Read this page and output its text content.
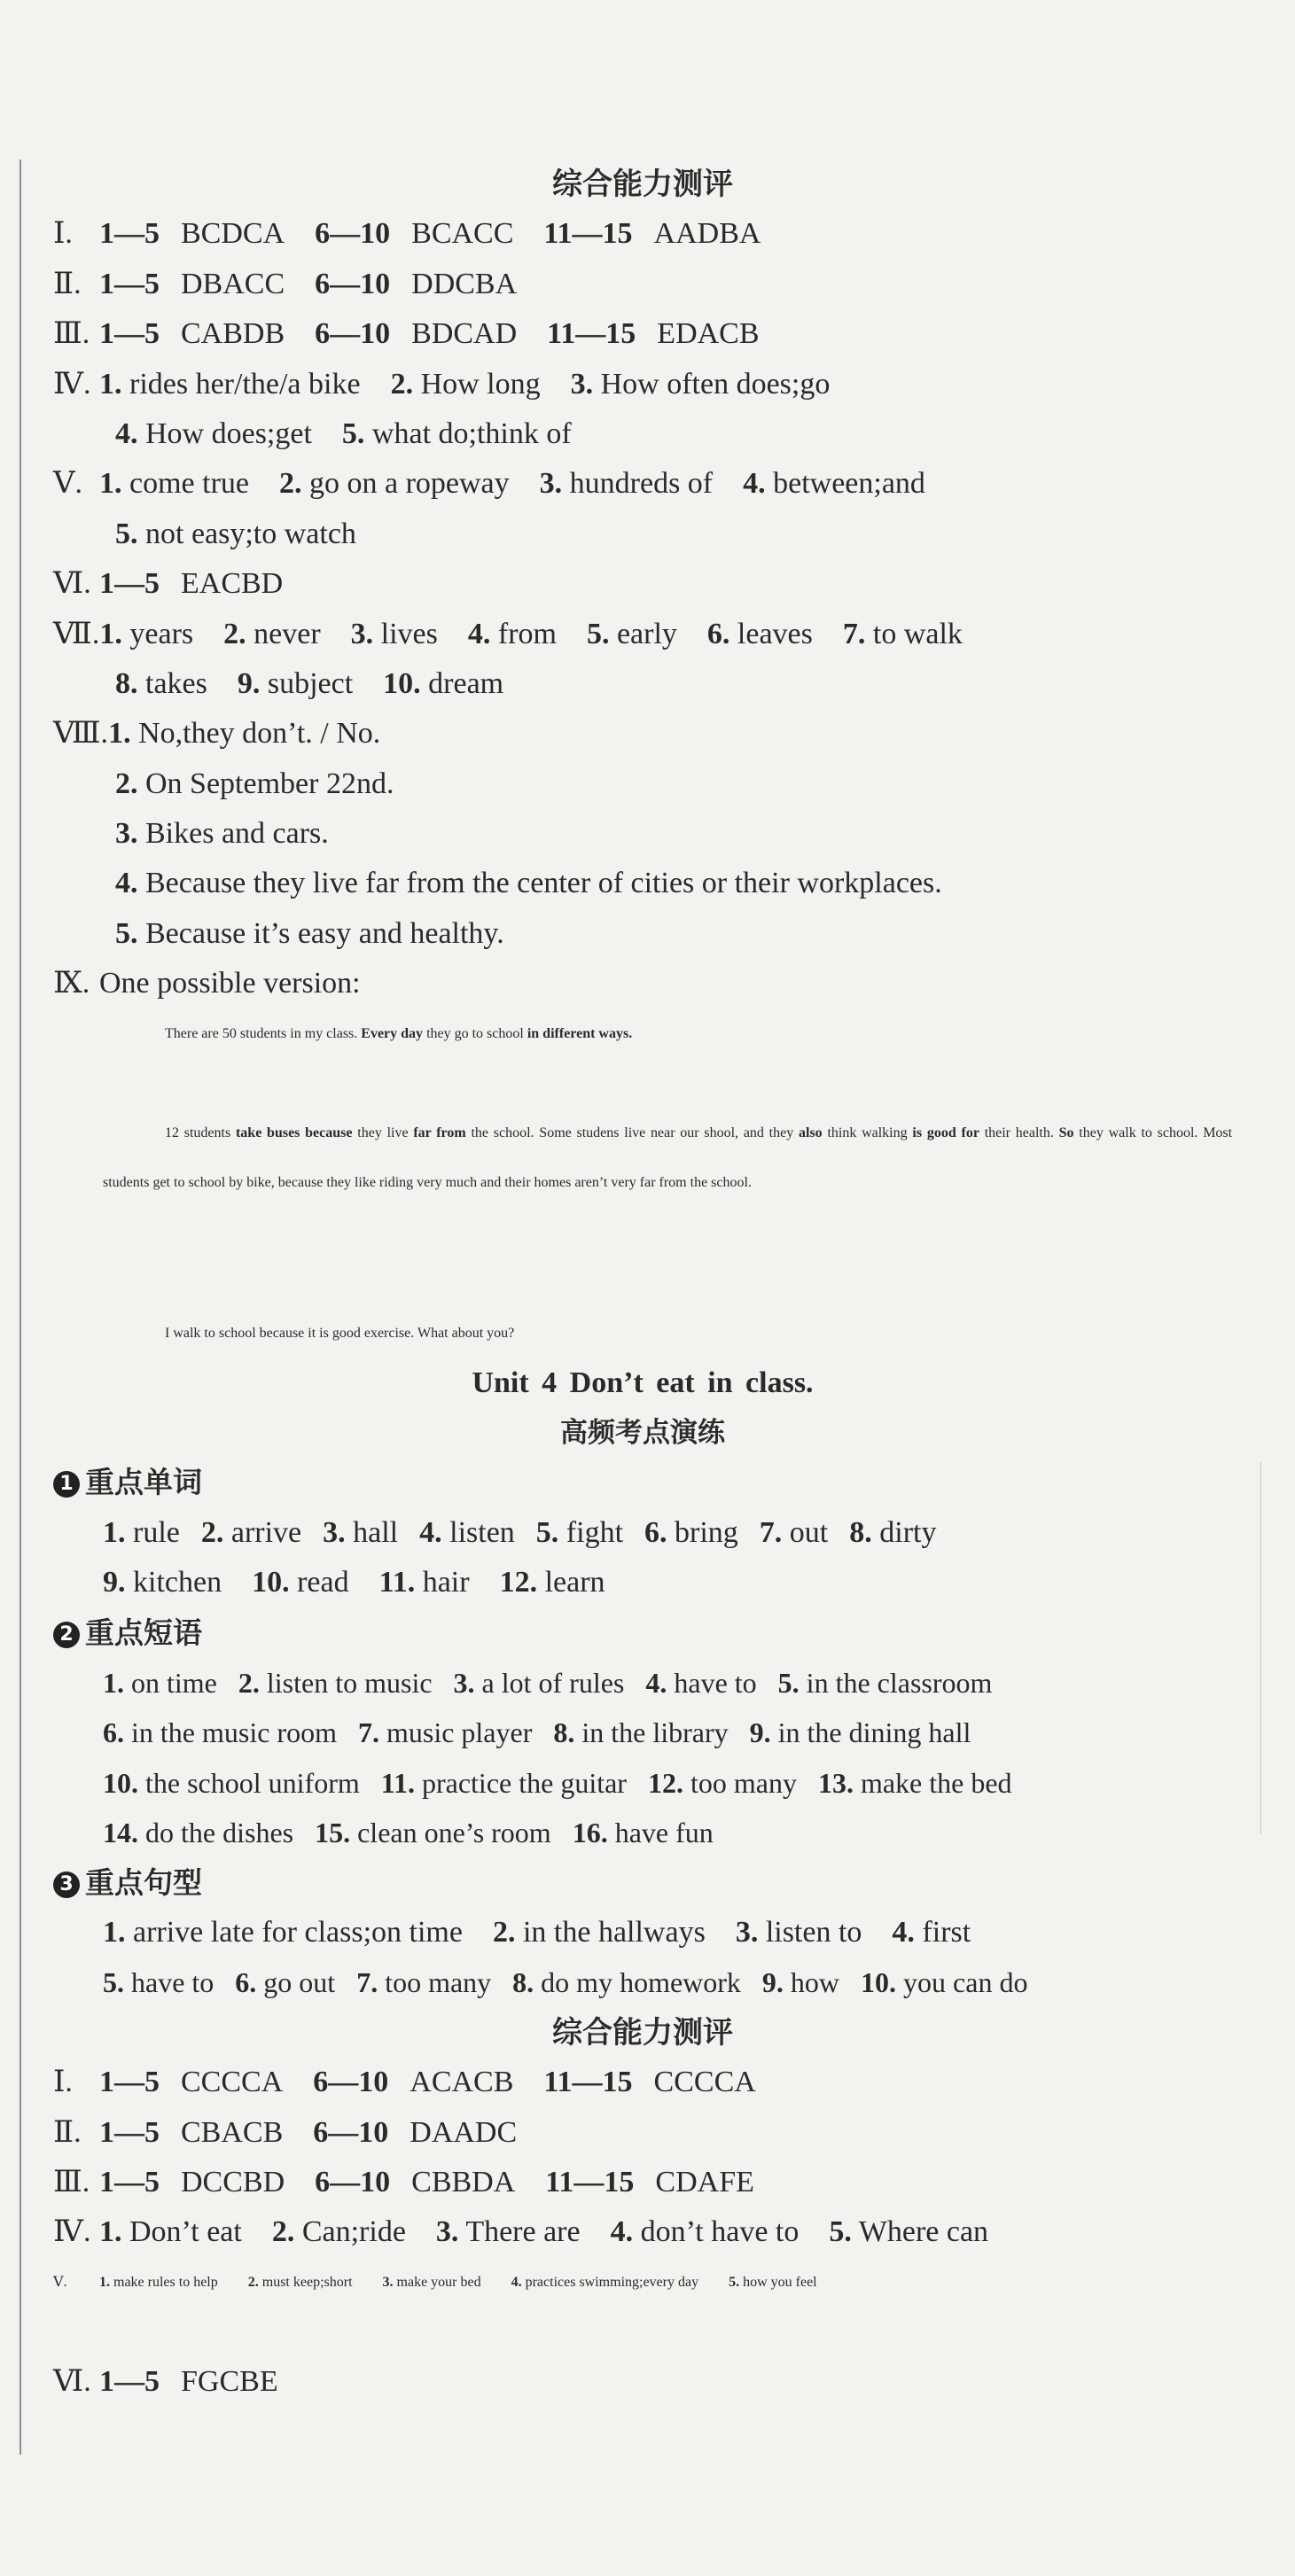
综合能力测评
Ⅰ. 1—5 BCDCA 6—10 BCACC 11—15 AADBA
Ⅱ. 1—5 DBACC 6—10 DDCBA
Ⅲ. 1—5 CABDB 6—10 BDCAD 11—15 EDACB
Ⅳ. 1. rides her/the/a bike 2. How long 3. How often does;go
4. How does;get 5. what do;think of
Ⅴ. 1. come true 2. go on a ropeway 3. hundreds of 4. between;and
5. not easy;to watch
Ⅵ. 1—5 EACBD
Ⅶ.1. years 2. never 3. lives 4. from 5. early 6. leaves 7. to walk
8. takes 9. subject 10. dream
Ⅷ.1. No,they don’t. / No.
2. On September 22nd.
3. Bikes and cars.
4. Because they live far from the center of cities or their workplaces.
5. Because it’s easy and healthy.
Ⅸ. One possible version:
There are 50 students in my class. Every day they go to school in different ways.
12 students take buses because they live far from the school. Some studens live near our shool, and they also think walking is good for their health. So they walk to school. Most students get to school by bike, because they like riding very much and their homes aren’t very far from the school.
I walk to school because it is good exercise. What about you?
Unit 4 Don’t eat in class.
高频考点演练
1 重点单词
1. rule 2. arrive 3. hall 4. listen 5. fight 6. bring 7. out 8. dirty
9. kitchen 10. read 11. hair 12. learn
2 重点短语
1. on time 2. listen to music 3. a lot of rules 4. have to 5. in the classroom
6. in the music room 7. music player 8. in the library 9. in the dining hall
10. the school uniform 11. practice the guitar 12. too many 13. make the bed
14. do the dishes 15. clean one’s room 16. have fun
3 重点句型
1. arrive late for class;on time 2. in the hallways 3. listen to 4. first
5. have to 6. go out 7. too many 8. do my homework 9. how 10. you can do
综合能力测评
Ⅰ. 1—5 CCCCA 6—10 ACACB 11—15 CCCCA
Ⅱ. 1—5 CBACB 6—10 DAADC
Ⅲ. 1—5 DCCBD 6—10 CBBDA 11—15 CDAFE
Ⅳ. 1. Don’t eat 2. Can;ride 3. There are 4. don’t have to 5. Where can
Ⅴ. 1. make rules to help 2. must keep;short 3. make your bed 4. practices swimming;every day 5. how you feel
Ⅵ. 1—5 FGCBE
